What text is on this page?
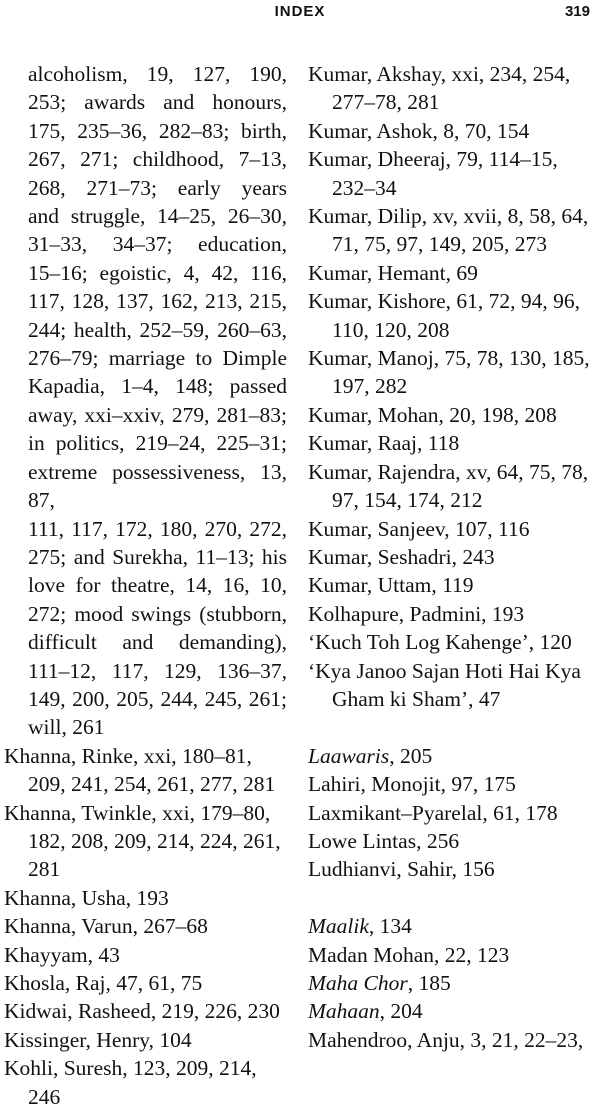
INDEX	319
alcoholism, 19, 127, 190,
253; awards and honours,
175, 235–36, 282–83; birth,
267, 271; childhood, 7–13,
268, 271–73; early years
and struggle, 14–25, 26–30,
31–33, 34–37; education,
15–16; egoistic, 4, 42, 116,
117, 128, 137, 162, 213, 215,
244; health, 252–59, 260–63,
276–79; marriage to Dimple
Kapadia, 1–4, 148; passed
away, xxi–xxiv, 279, 281–83;
in politics, 219–24, 225–31;
extreme possessiveness, 13, 87,
111, 117, 172, 180, 270, 272,
275; and Surekha, 11–13; his
love for theatre, 14, 16, 10,
272; mood swings (stubborn,
difficult and demanding),
111–12, 117, 129, 136–37,
149, 200, 205, 244, 245, 261;
will, 261
Khanna, Rinke, xxi, 180–81, 209, 241, 254, 261, 277, 281
Khanna, Twinkle, xxi, 179–80, 182, 208, 209, 214, 224, 261, 281
Khanna, Usha, 193
Khanna, Varun, 267–68
Khayyam, 43
Khosla, Raj, 47, 61, 75
Kidwai, Rasheed, 219, 226, 230
Kissinger, Henry, 104
Kohli, Suresh, 123, 209, 214, 246
Kumar, Akshay, xxi, 234, 254, 277–78, 281
Kumar, Ashok, 8, 70, 154
Kumar, Dheeraj, 79, 114–15, 232–34
Kumar, Dilip, xv, xvii, 8, 58, 64, 71, 75, 97, 149, 205, 273
Kumar, Hemant, 69
Kumar, Kishore, 61, 72, 94, 96, 110, 120, 208
Kumar, Manoj, 75, 78, 130, 185, 197, 282
Kumar, Mohan, 20, 198, 208
Kumar, Raaj, 118
Kumar, Rajendra, xv, 64, 75, 78, 97, 154, 174, 212
Kumar, Sanjeev, 107, 116
Kumar, Seshadri, 243
Kumar, Uttam, 119
Kolhapure, Padmini, 193
‘Kuch Toh Log Kahenge’, 120
‘Kya Janoo Sajan Hoti Hai Kya Gham ki Sham’, 47
Laawaris, 205
Lahiri, Monojit, 97, 175
Laxmikant–Pyarelal, 61, 178
Lowe Lintas, 256
Ludhianvi, Sahir, 156
Maalik, 134
Madan Mohan, 22, 123
Maha Chor, 185
Mahaan, 204
Mahendroo, Anju, 3, 21, 22–23,
